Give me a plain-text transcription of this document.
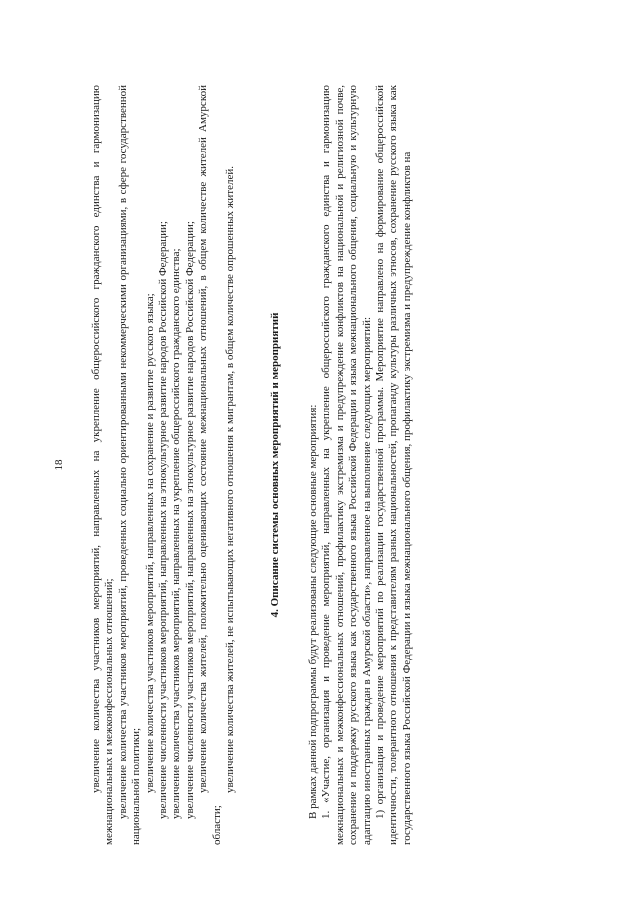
18 увеличение количества участников мероприятий, направленных на укрепление общероссийского гражданского единства и гармонизацию межнациональных и межконфессиональных отношений; увеличение количества участников мероприятий, проведенных социально ориентированными некоммерческими организациями, в сфере государственной национальной политики; увеличение количества участников мероприятий, направленных на сохранение и развитие русского языка; увеличение численности участников мероприятий, направленных на этнокультурное развитие народов Российской Федерации; увеличение количества участников мероприятий, направленных на укрепление общероссийского гражданского единства; увеличение численности участников мероприятий, направленных на этнокультурное развитие народов Российской Федерации; увеличение количества жителей, положительно оценивающих состояние межнациональных отношений, в общем количестве жителей Амурской области;

увеличение количества жителей, не испытывающих негативного отношения к мигрантам, в общем количестве опрошенных жителей.	4. Описание системы основных мероприятий и мероприятий В рамках данной подпрограммы будут реализованы следующие основные мероприятия: 1. «Участие, организация и проведение мероприятий, направленных на укрепление общероссийского гражданского единства и гармонизацию межнациональных и межконфессиональных отношений, профилактику экстремизма и предупреждение конфликтов на национальной и религиозной почве, сохранение и поддержку русского языка как государственного языка Российской Федерации и языка межнационального общения, социальную и культурную адаптацию иностранных граждан в Амурской области», направленное на выполнение следующих мероприятий: 1) организация и проведение мероприятий по реализации государственной программы. Мероприятие направлено на формирование общероссийской идентичности, толерантного отношения к представителям разных национальностей, пропаганду культуры различных этносов, сохранение русского языка как государственного языка Российской Федерации и языка межнационального общения, профилактику экстремизма и предупреждение конфликтов на
